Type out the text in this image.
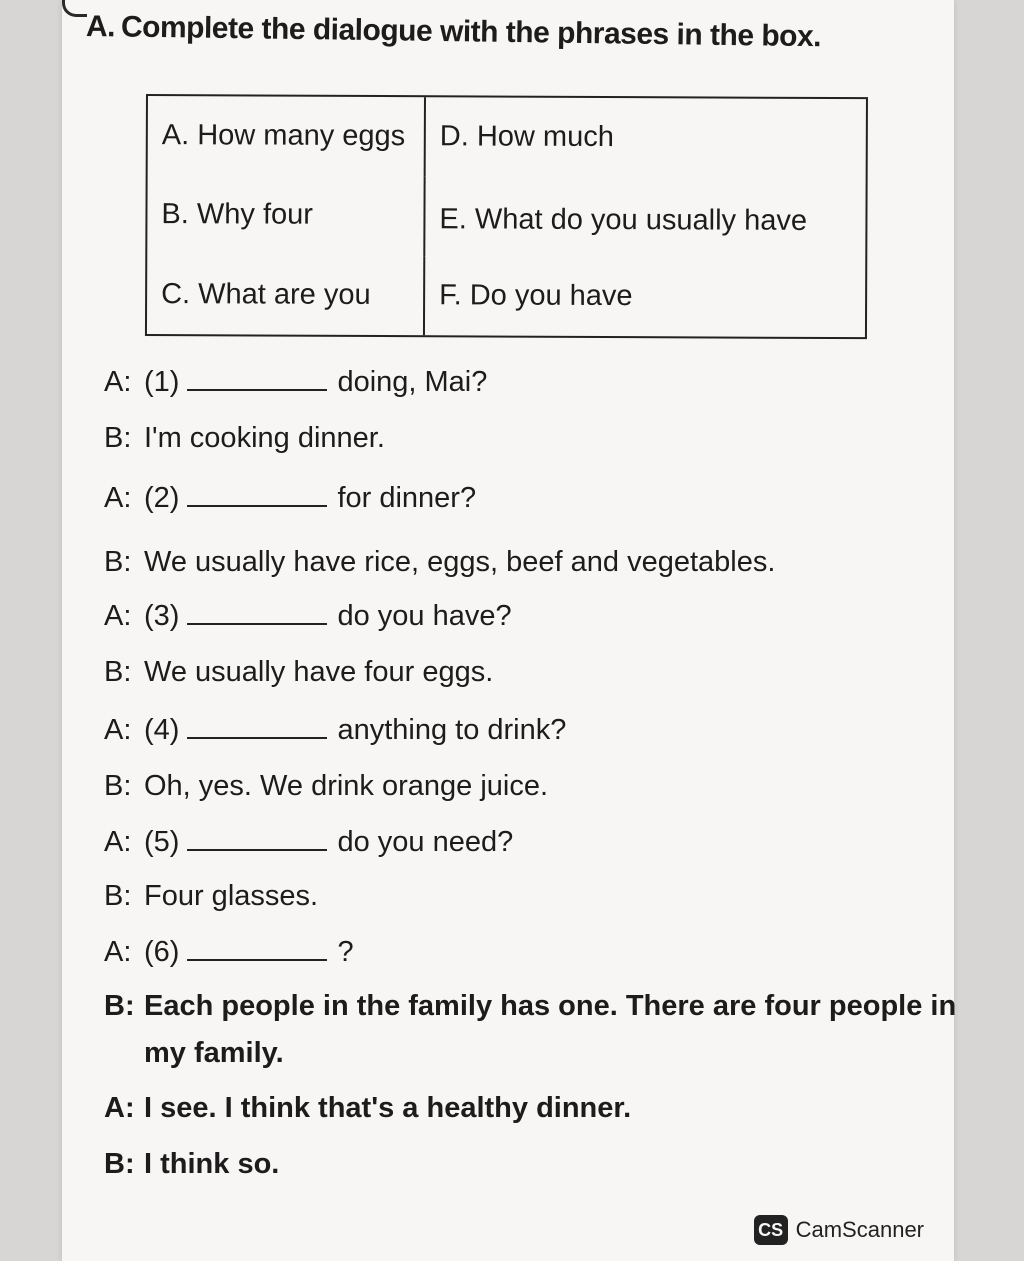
A. Complete the dialogue with the phrases in the box.
A. How many eggs	D. How much
B. Why four	E. What do you usually have
C. What are you	F. Do you have
A: (1)	doing, Mai?
B: I'm cooking dinner.
A: (2)	for dinner?
B: We usually have rice, eggs, beef and vegetables.
A: (3)	do you have?
B: We usually have four eggs.
A: (4)	anything to drink?
B: Oh, yes. We drink orange juice.
A: (5)	do you need?
B: Four glasses.
A: (6)	?
B: Each people in the family has one. There are four people in
my family.
A: I see. I think that's a healthy dinner.
B: I think so.
CS CamScanner
